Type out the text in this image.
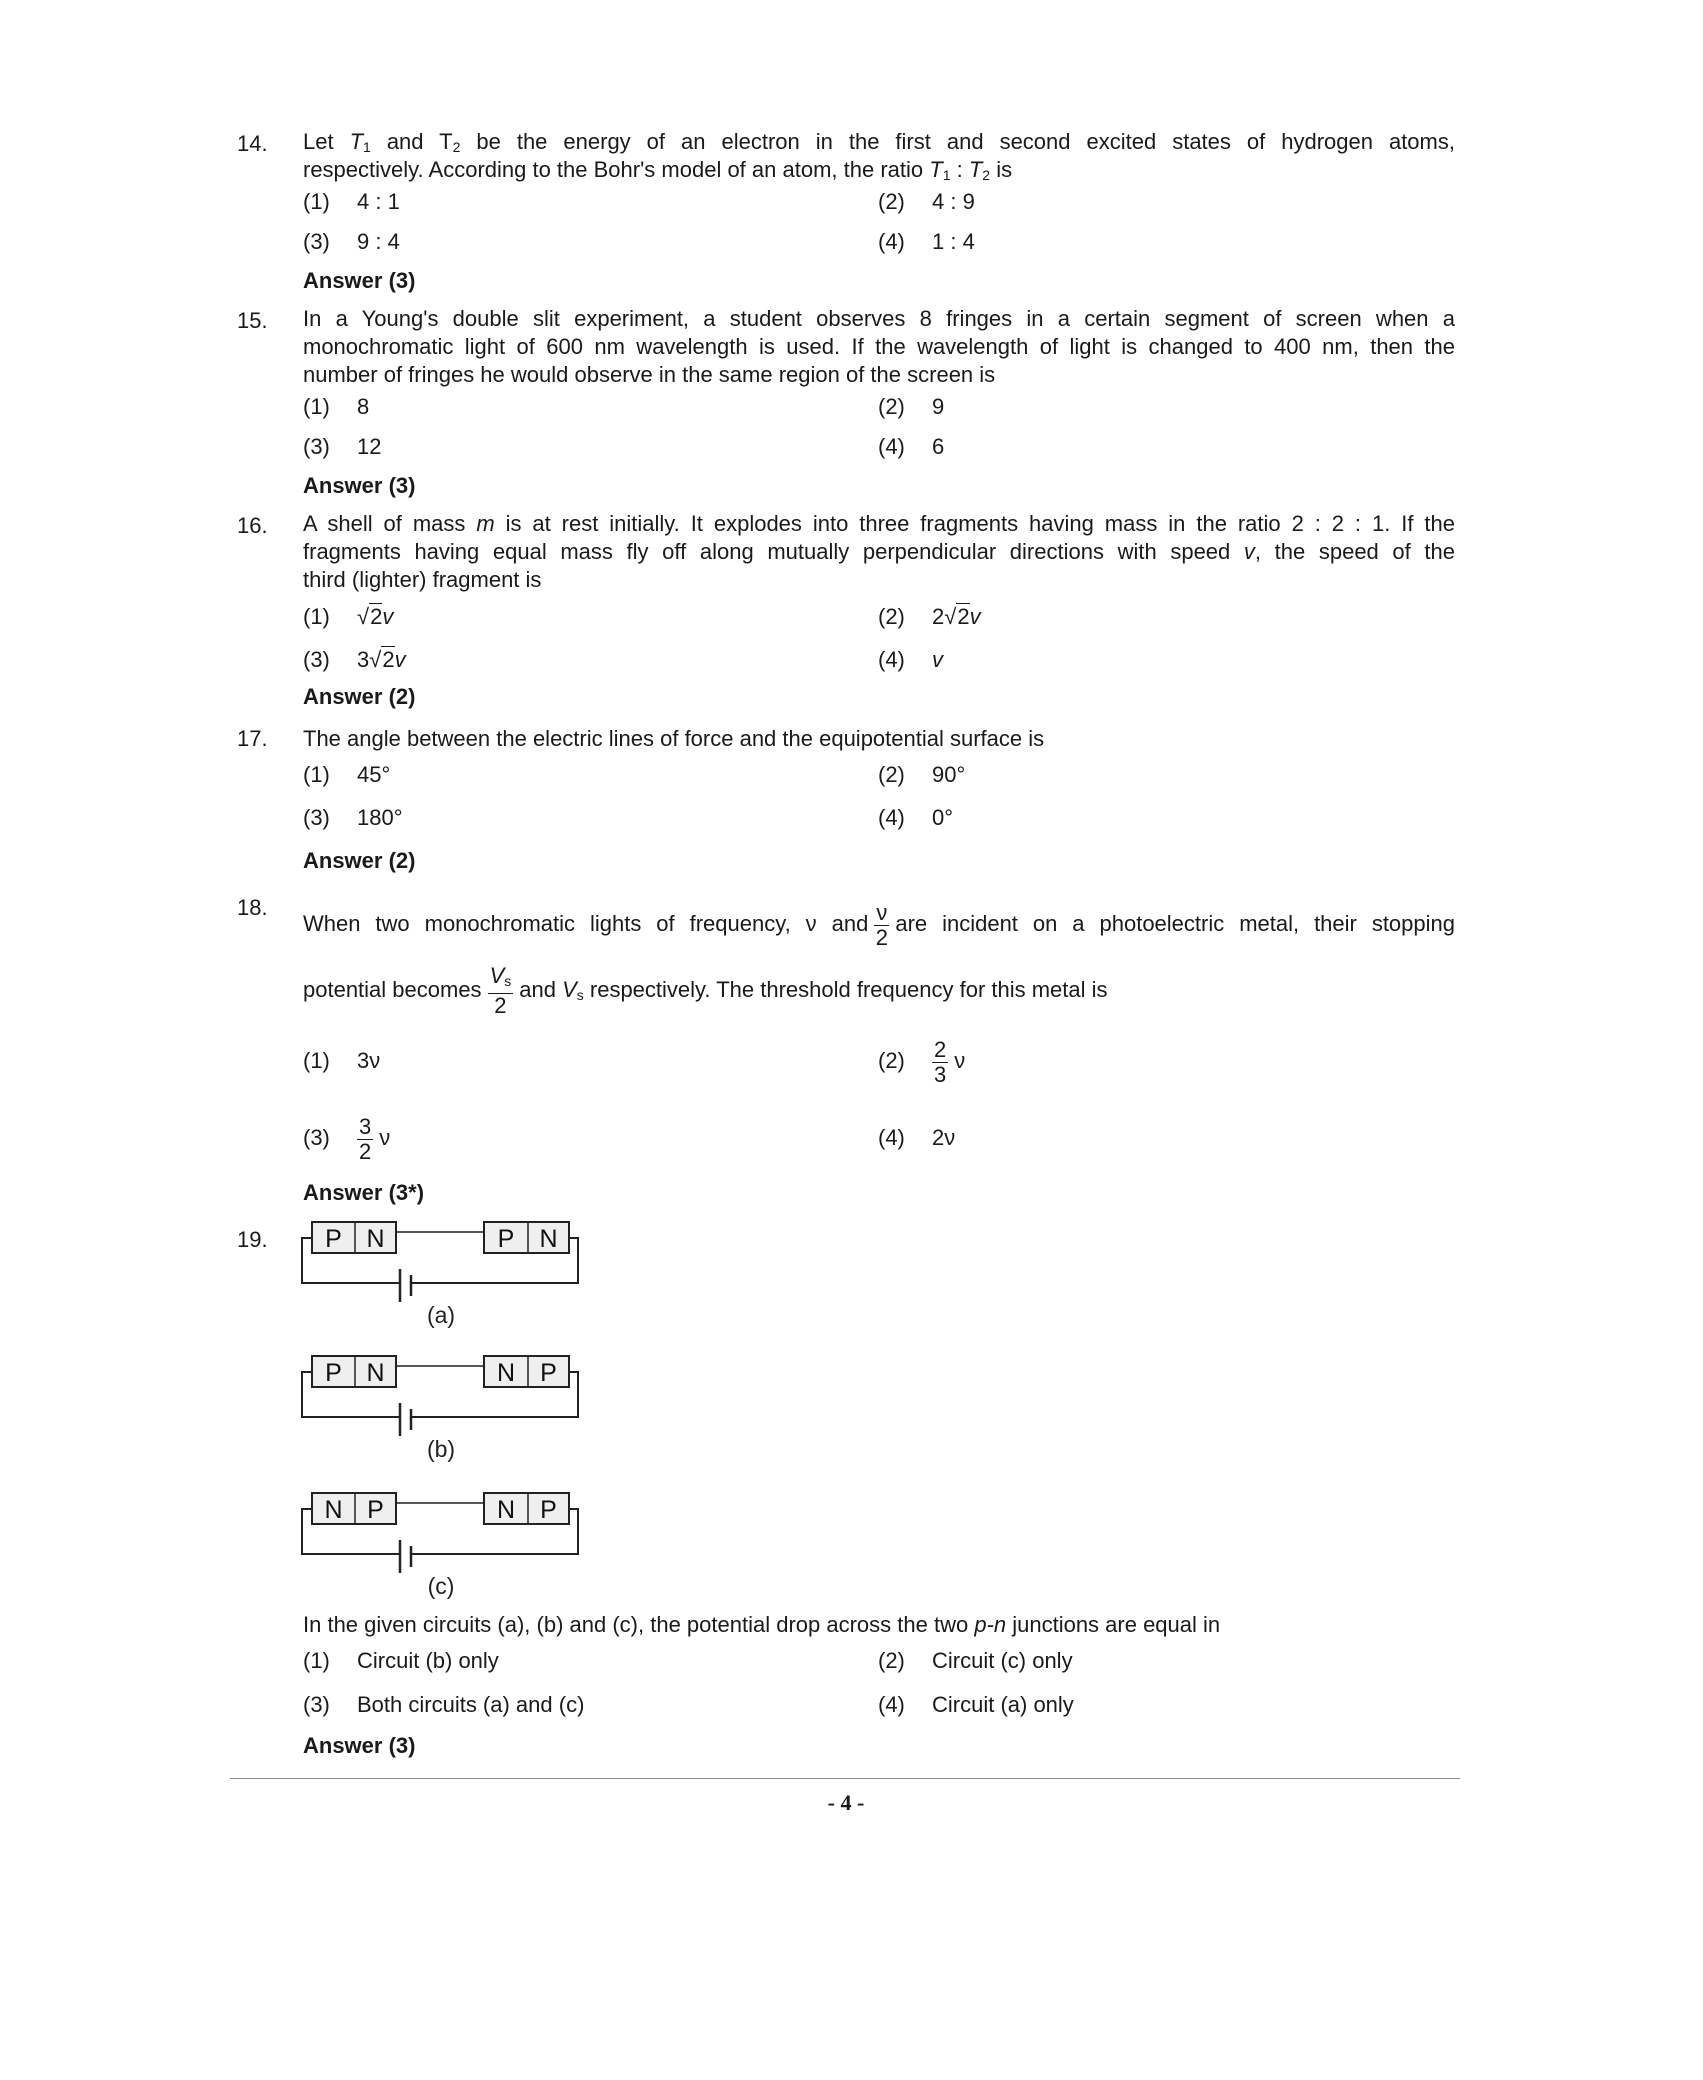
14. Let $T_1$ and $T_2$ be the energy of an electron in the first and second excited states of hydrogen atoms,
respectively. According to the Bohr's model of an atom, the ratio $T_1$ : $T_2$ is
(1) 4 : 1	(2) 4 : 9
(3) 9 : 4	(4) 1 : 4
Answer (3)
15. In a Young's double slit experiment, a student observes 8 fringes in a certain segment of screen when a
monochromatic light of 600 nm wavelength is used. If the wavelength of light is changed to 400 nm, then the
number of fringes he would observe in the same region of the screen is
(1) 8	(2) 9
(3) 12	(4) 6
Answer (3)
16. A shell of mass m is at rest initially. It explodes into three fragments having mass in the ratio 2 : 2 : 1. If the
fragments having equal mass fly off along mutually perpendicular directions with speed v, the speed of the
third (lighter) fragment is
(1) √2v	(2) 2√2v
(3) 3√2v	(4) v
Answer (2)
17. The angle between the electric lines of force and the equipotential surface is
(1) 45°	(2) 90°
(3) 180°	(4) 0°
Answer (2)
18.
When two monochromatic lights of frequency, ν and $\frac{\nu}{2}$ are incident on a photoelectric metal, their stopping
potential becomes $\frac{V_s}{2}$ and $V_s$ respectively. The threshold frequency for this metal is
(1) 3ν	$(2) \frac{2}{3}$ ν
$(3) \frac{3}{2}$ ν	(4) 2ν
Answer (3*)
19. P N	P N
(a)
P N	N P
(b)
N P	N P
(c)
In the given circuits (a), (b) and (c), the potential drop across the two p-n junctions are equal in
(1) Circuit (b) only	(2) Circuit (c) only
(3) Both circuits (a) and (c)	(4) Circuit (a) only
Answer (3)
- 4 -
